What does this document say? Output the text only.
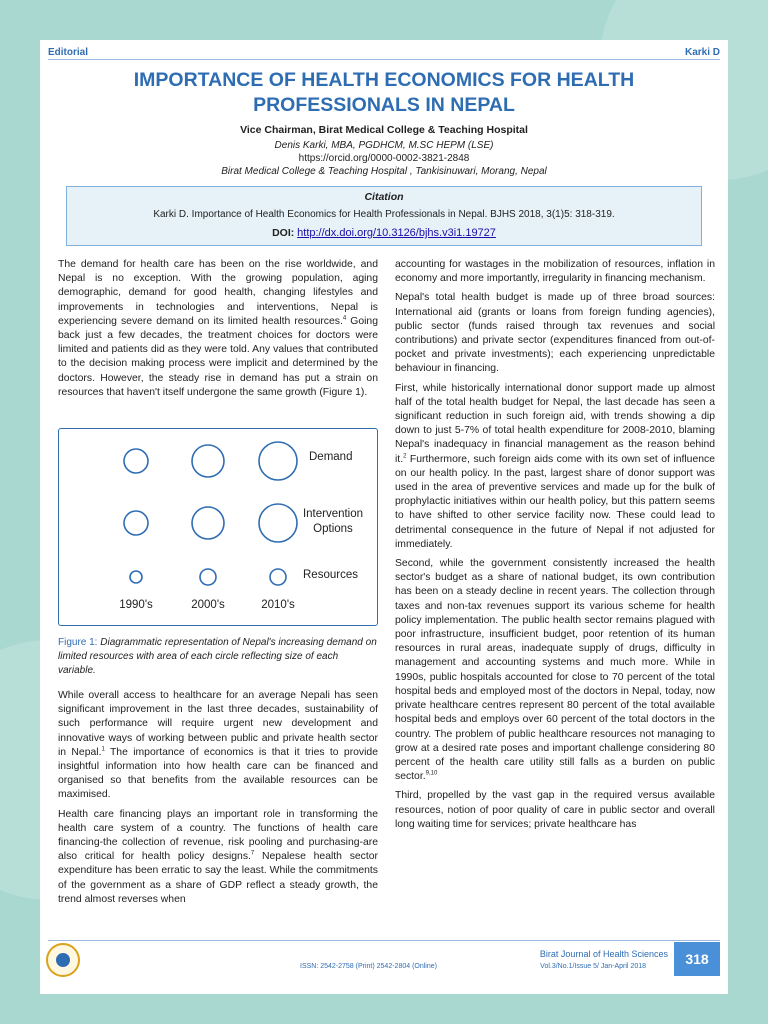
Editorial	Karki D
IMPORTANCE OF HEALTH ECONOMICS FOR HEALTH
PROFESSIONALS IN NEPAL
Vice Chairman, Birat Medical College & Teaching Hospital
Denis Karki, MBA, PGDHCM, M.SC HEPM (LSE)
https://orcid.org/0000-0002-3821-2848
Birat Medical College & Teaching Hospital , Tankisinuwari, Morang, Nepal
Citation
Karki D. Importance of Health Economics for Health Professionals in Nepal. BJHS 2018, 3(1)5: 318-319.
DOI: http://dx.doi.org/10.3126/bjhs.v3i1.19727

The demand for health care has been on the rise worldwide, and Nepal is no exception. With the growing population, aging demographic, demand for good health, changing lifestyles and improvements in technologies and interventions, Nepal is experiencing severe demand on its limited health resources.$^4$ Going back just a few decades, the treatment choices for doctors were limited and patients did as they were told. Any values that contributed to the decision making process were implicit and determined by the doctors. However, the steady rise in demand has put a strain on resources that haven't itself undergone the same growth (Figure 1).

Demand
Intervention Options
Resources
1990's	2000's	2010's
Figure 1: Diagrammatic representation of Nepal's increasing demand on limited resources with area of each circle reflecting size of each variable.

While overall access to healthcare for an average Nepali has seen significant improvement in the last three decades, sustainability of such performance will require urgent new development and innovative ways of working between public and private health sector in Nepal.$^1$ The importance of economics is that it tries to provide insightful information into how health care can be financed and organised so that benefits from the available resources can be maximised.

Health care financing plays an important role in transforming the health care system of a country. The functions of health care financing-the collection of revenue, risk pooling and purchasing-are also critical for health policy designs.$^7$ Nepalese health sector expenditure has been erratic to say the least. While the commitments of the government as a share of GDP reflect a steady growth, the trend almost reverses when

accounting for wastages in the mobilization of resources, inflation in economy and more importantly, irregularity in financing mechanism.

Nepal's total health budget is made up of three broad sources: International aid (grants or loans from foreign funding agencies), public sector (funds raised through tax revenues and social contributions) and private sector (expenditures financed from out-of-pocket and private investments); each experiencing unpredictable behaviour in financing.

First, while historically international donor support made up almost half of the total health budget for Nepal, the last decade has seen a significant reduction in such foreign aid, with trends showing a dip down to just 5-7% of total health expenditure for 2008-2010, blaming Nepal's inadequacy in financial management as the reason behind it.$^2$ Furthermore, such foreign aids come with its own set of influence on our health policy. In the past, largest share of donor support was used in the area of preventive services and made up for the bulk of prophylactic initiatives within our health policy, but this pattern seems to have shifted to other service facility now. These could lead to detrimental consequence in the future of Nepal if not adjusted for immediately.

Second, while the government consistently increased the health sector's budget as a share of national budget, its own contribution has been on a steady decline in recent years. The collection through taxes and non-tax revenues support its various scheme for health policy implementation. The public health sector remains plagued with poor infrastructure, insufficient budget, poor retention of its human resources in rural areas, inadequate supply of drugs, difficulty in management and accounting systems and much more. While in 1990s, public hospitals accounted for close to 70 percent of the total hospital beds and employed most of the doctors in Nepal, today, now private healthcare centres represent 80 percent of the total available hospital beds and employs over 60 percent of the total doctors in the country. The problem of public healthcare resources not managing to grow at a desired rate poses and important challenge considering 80 percent of the health care utility still falls as a burden on public sector.$^{9,10}$

Third, propelled by the vast gap in the required versus available resources, notion of poor quality of care in public sector and overall long waiting time for services; private healthcare has

ISSN: 2542-2758 (Print) 2542-2804 (Online)
Birat Journal of Health Sciences
Vol.3/No.1/Issue 5/ Jan-April 2018	318
